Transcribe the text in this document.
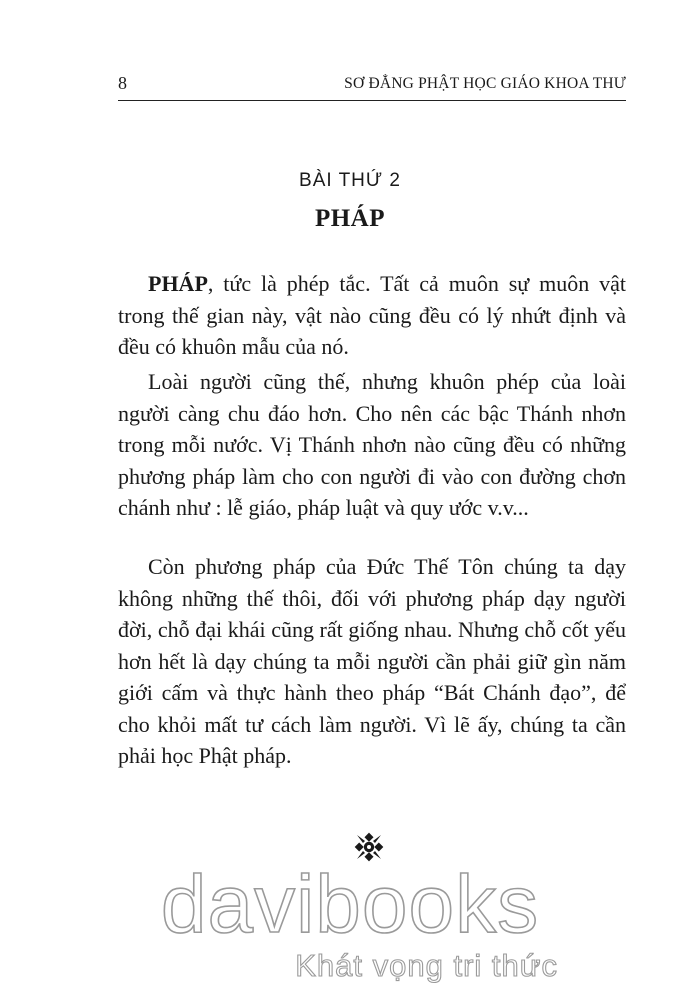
8	SƠ ĐẲNG PHẬT HỌC GIÁO KHOA THƯ
BÀI THỨ 2
PHÁP

PHÁP, tức là phép tắc. Tất cả muôn sự muôn vật trong thế gian này, vật nào cũng đều có lý nhứt định và đều có khuôn mẫu của nó.

Loài người cũng thế, nhưng khuôn phép của loài người càng chu đáo hơn. Cho nên các bậc Thánh nhơn trong mỗi nước. Vị Thánh nhơn nào cũng đều có những phương pháp làm cho con người đi vào con đường chơn chánh như : lễ giáo, pháp luật và quy ước v.v...

Còn phương pháp của Đức Thế Tôn chúng ta dạy không những thế thôi, đối với phương pháp dạy người đời, chỗ đại khái cũng rất giống nhau. Nhưng chỗ cốt yếu hơn hết là dạy chúng ta mỗi người cần phải giữ gìn năm giới cấm và thực hành theo pháp “Bát Chánh đạo”, để cho khỏi mất tư cách làm người. Vì lẽ ấy, chúng ta cần phải học Phật pháp.

davibooks
Khát vọng tri thức
